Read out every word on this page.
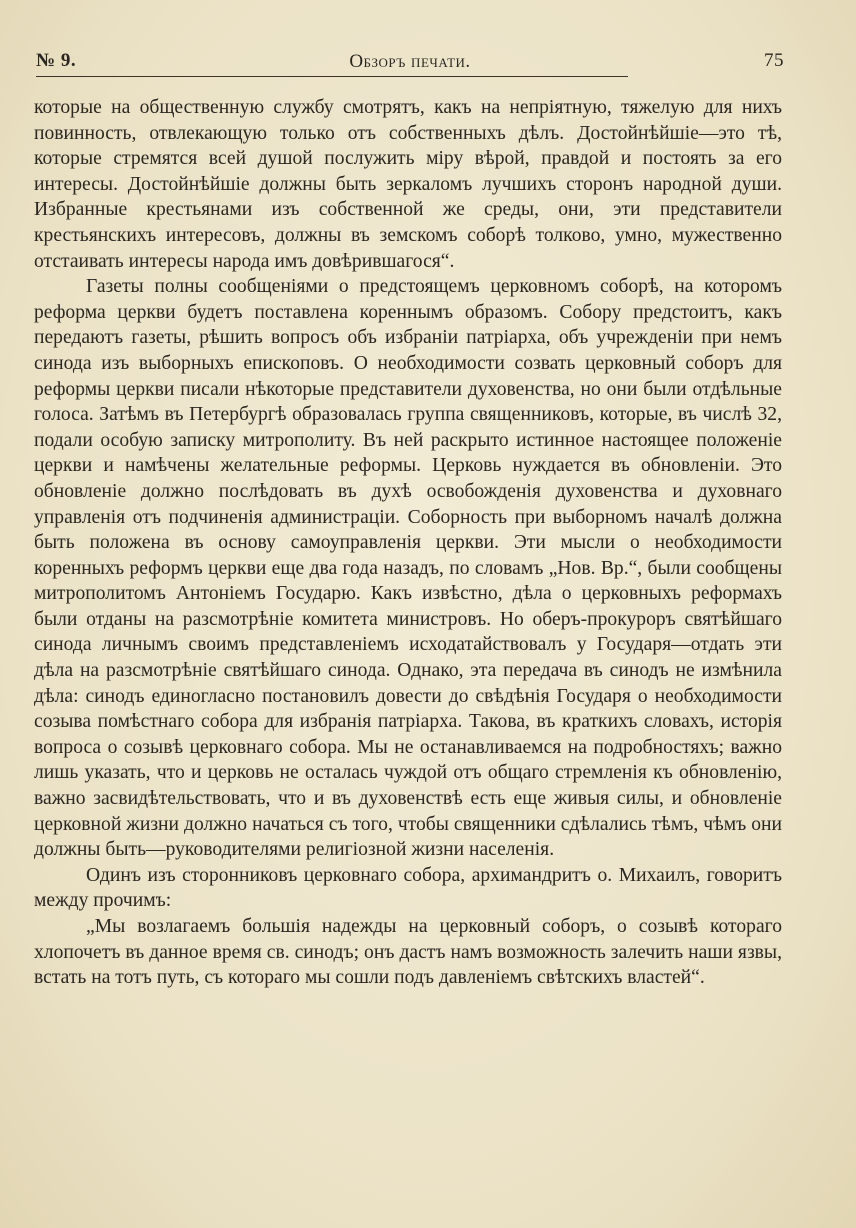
№ 9.	Обзоръ печати.	75

которые на общественную службу смотрятъ, какъ на непріятную, тяжелую для нихъ повинность, отвлекающую только отъ собственныхъ дѣлъ. Достойнѣйшіе—это тѣ, которые стремятся всей душой послужить міру вѣрой, правдой и постоять за его интересы. Достойнѣйшіе должны быть зеркаломъ лучшихъ сторонъ народной души. Избранные крестьянами изъ собственной же среды, они, эти представители крестьянскихъ интересовъ, должны въ земскомъ соборѣ толково, умно, мужественно отстаивать интересы народа имъ довѣрившагося“.

Газеты полны сообщеніями о предстоящемъ церковномъ соборѣ, на которомъ реформа церкви будетъ поставлена кореннымъ образомъ. Собору предстоитъ, какъ передаютъ газеты, рѣшить вопросъ объ избраніи патріарха, объ учрежденіи при немъ синода изъ выборныхъ епископовъ. О необходимости созвать церковный соборъ для реформы церкви писали нѣкоторые представители духовенства, но они были отдѣльные голоса. Затѣмъ въ Петербургѣ образовалась группа священниковъ, которые, въ числѣ 32, подали особую записку митрополиту. Въ ней раскрыто истинное настоящее положеніе церкви и намѣчены желательные реформы. Церковь нуждается въ обновленіи. Это обновленіе должно послѣдовать въ духѣ освобожденія духовенства и духовнаго управленія отъ подчиненія администраціи. Соборность при выборномъ началѣ должна быть положена въ основу самоуправленія церкви. Эти мысли о необходимости коренныхъ реформъ церкви еще два года назадъ, по словамъ „Нов. Вр.“, были сообщены митрополитомъ Антоніемъ Государю. Какъ извѣстно, дѣла о церковныхъ реформахъ были отданы на разсмотрѣніе комитета министровъ. Но оберъ-прокуроръ святѣйшаго синода личнымъ своимъ представленіемъ исходатайствовалъ у Государя—отдать эти дѣла на разсмотрѣніе святѣйшаго синода. Однако, эта передача въ синодъ не измѣнила дѣла: синодъ единогласно постановилъ довести до свѣдѣнія Государя о необходимости созыва помѣстнаго собора для избранія патріарха. Такова, въ краткихъ словахъ, исторія вопроса о созывѣ церковнаго собора. Мы не останавливаемся на подробностяхъ; важно лишь указать, что и церковь не осталась чуждой отъ общаго стремленія къ обновленію, важно засвидѣтельствовать, что и въ духовенствѣ есть еще живыя силы, и обновленіе церковной жизни должно начаться съ того, чтобы священники сдѣлались тѣмъ, чѣмъ они должны быть—руководителями религіозной жизни населенія.

Одинъ изъ сторонниковъ церковнаго собора, архимандритъ о. Михаилъ, говоритъ между прочимъ:

„Мы возлагаемъ большія надежды на церковный соборъ, о созывѣ котораго хлопочетъ въ данное время св. синодъ; онъ дастъ намъ возможность залечить наши язвы, встать на тотъ путь, съ котораго мы сошли подъ давленіемъ свѣтскихъ властей“.
